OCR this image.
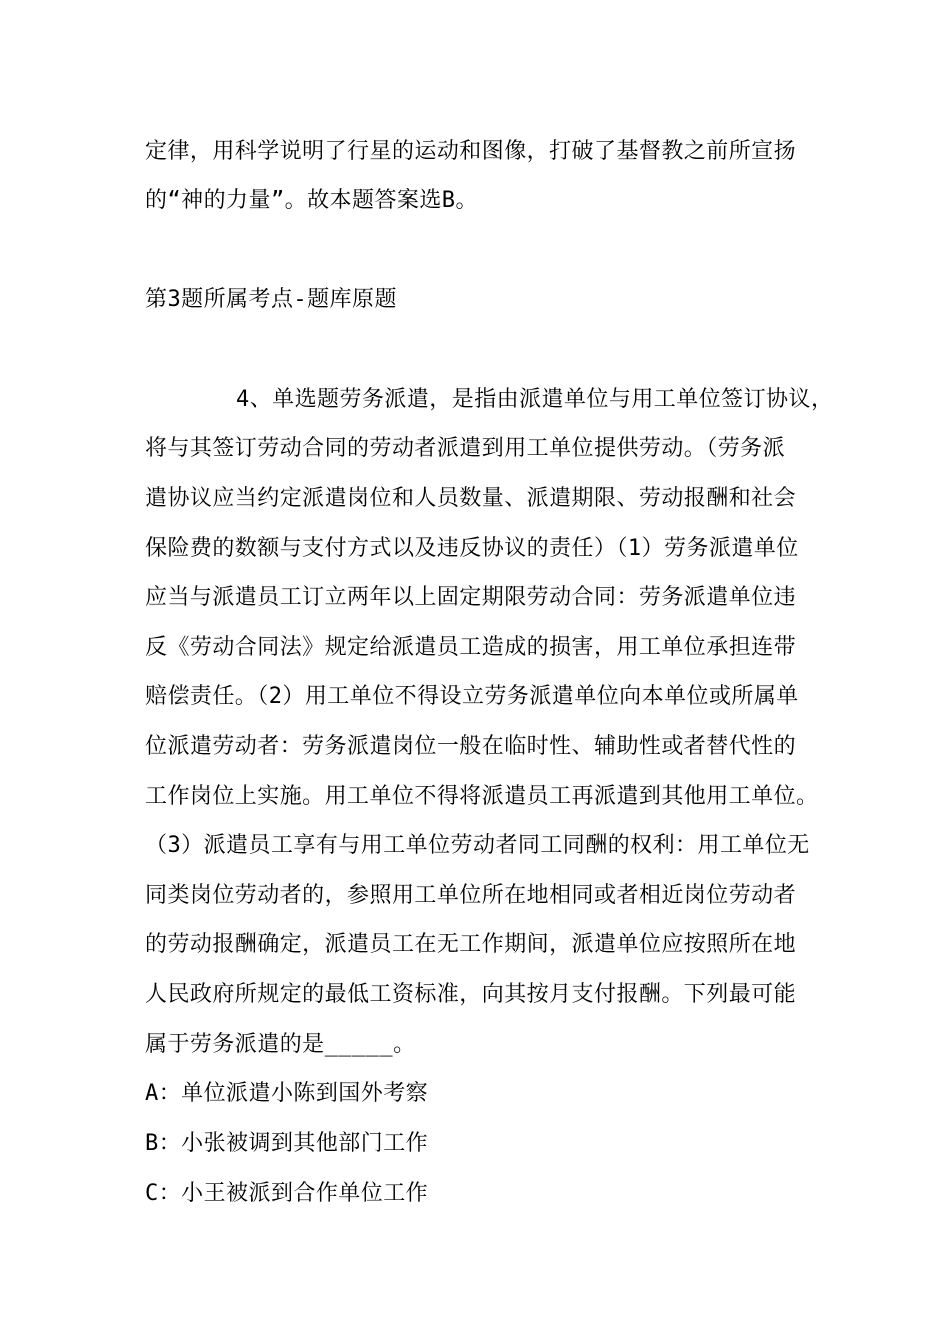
定律，用科学说明了行星的运动和图像，打破了基督教之前所宣扬
的“神的力量”。故本题答案选B。
第3题所属考点-题库原题
4、单选题劳务派遣，是指由派遣单位与用工单位签订协议，
将与其签订劳动合同的劳动者派遣到用工单位提供劳动。（劳务派
遣协议应当约定派遣岗位和人员数量、派遣期限、劳动报酬和社会
保险费的数额与支付方式以及违反协议的责任）（1）劳务派遣单位
应当与派遣员工订立两年以上固定期限劳动合同：劳务派遣单位违
反《劳动合同法》规定给派遣员工造成的损害，用工单位承担连带
赔偿责任。（2）用工单位不得设立劳务派遣单位向本单位或所属单
位派遣劳动者：劳务派遣岗位一般在临时性、辅助性或者替代性的
工作岗位上实施。用工单位不得将派遣员工再派遣到其他用工单位。
（3）派遣员工享有与用工单位劳动者同工同酬的权利：用工单位无
同类岗位劳动者的，参照用工单位所在地相同或者相近岗位劳动者
的劳动报酬确定，派遣员工在无工作期间，派遣单位应按照所在地
人民政府所规定的最低工资标准，向其按月支付报酬。下列最可能
属于劳务派遣的是_____。
A：单位派遣小陈到国外考察
B：小张被调到其他部门工作
C：小王被派到合作单位工作
